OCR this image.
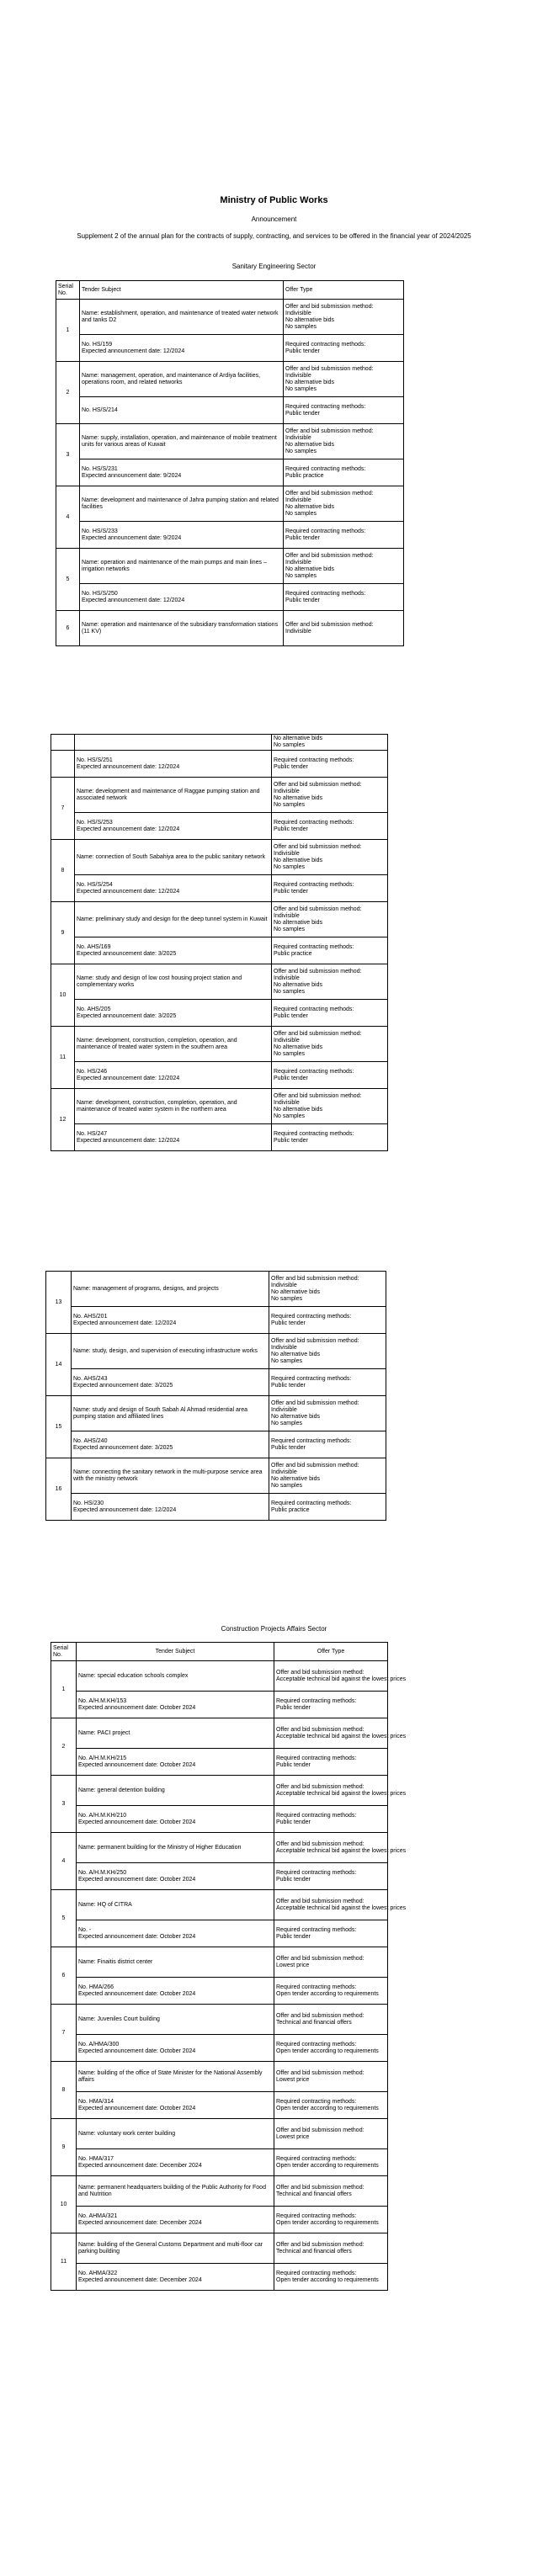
Ministry of Public Works
Announcement
Supplement 2 of the annual plan for the contracts of supply, contracting, and services to be offered in the financial year of 2024/2025
Sanitary Engineering Sector
Serial No.	Tender Subject	Offer Type
1	Name: establishment, operation, and maintenance of treated water network and tanks D2	Offer and bid submission method:
Indivisible
No alternative bids
No samples

	No. HS/159
Expected announcement date: 12/2024	Required contracting methods:
Public tender

2	Name: management, operation, and maintenance of Ardiya facilities, operations room, and related networks	Offer and bid submission method:
Indivisible
No alternative bids
No samples

	No. HS/S/214	Required contracting methods:
Public tender

3	Name: supply, installation, operation, and maintenance of mobile treatment units for various areas of Kuwait	Offer and bid submission method:
Indivisible
No alternative bids
No samples

	No. HS/S/231
Expected announcement date: 9/2024	Required contracting methods:
Public practice

4	Name: development and maintenance of Jahra pumping station and related facilities	Offer and bid submission method:
Indivisible
No alternative bids
No samples

	No. HS/S/233
Expected announcement date: 9/2024	Required contracting methods:
Public tender

5	Name: operation and maintenance of the main pumps and main lines – irrigation networks	Offer and bid submission method:
Indivisible
No alternative bids
No samples

	No. HS/S/250
Expected announcement date: 12/2024	Required contracting methods:
Public tender

6	Name: operation and maintenance of the subsidiary transformation stations (11 KV)	Offer and bid submission method:
Indivisible

		No alternative bids
No samples

	No. HS/S/251
Expected announcement date: 12/2024	Required contracting methods:
Public tender

7	Name: development and maintenance of Raggae pumping station and associated network	Offer and bid submission method:
Indivisible
No alternative bids
No samples

	No. HS/S/253
Expected announcement date: 12/2024	Required contracting methods:
Public tender

8	Name: connection of South Sabahiya area to the public sanitary network	Offer and bid submission method:
Indivisible
No alternative bids
No samples

	No. HS/S/254
Expected announcement date: 12/2024	Required contracting methods:
Public tender

9	Name: preliminary study and design for the deep tunnel system in Kuwait	Offer and bid submission method:
Indivisible
No alternative bids
No samples

	No. AHS/169
Expected announcement date: 3/2025	Required contracting methods:
Public practice

10	Name: study and design of low cost housing project station and complementary works	Offer and bid submission method:
Indivisible
No alternative bids
No samples

	No. AHS/205
Expected announcement date: 3/2025	Required contracting methods:
Public tender

11	Name: development, construction, completion, operation, and maintenance of treated water system in the southern area	Offer and bid submission method:
Indivisible
No alternative bids
No samples

	No. HS/246
Expected announcement date: 12/2024	Required contracting methods:
Public tender

12	Name: development, construction, completion, operation, and maintenance of treated water system in the northern area	Offer and bid submission method:
Indivisible
No alternative bids
No samples

	No. HS/247
Expected announcement date: 12/2024	Required contracting methods:
Public tender
13	Name: management of programs, designs, and projects	Offer and bid submission method:
Indivisible
No alternative bids
No samples

	No. AHS/201
Expected announcement date: 12/2024	Required contracting methods:
Public tender

14	Name: study, design, and supervision of executing infrastructure works	Offer and bid submission method:
Indivisible
No alternative bids
No samples

	No. AHS/243
Expected announcement date: 3/2025	Required contracting methods:
Public tender

15	Name: study and design of South Sabah Al Ahmad residential area pumping station and affiliated lines	Offer and bid submission method:
Indivisible
No alternative bids
No samples

	No. AHS/240
Expected announcement date: 3/2025	Required contracting methods:
Public tender

16	Name: connecting the sanitary network in the multi-purpose service area with the ministry network	Offer and bid submission method:
Indivisible
No alternative bids
No samples

	No. HS/230
Expected announcement date: 12/2024	Required contracting methods:
Public practice
Construction Projects Affairs Sector
Serial No.	Tender Subject	Offer Type
1	Name: special education schools complex	Offer and bid submission method:
Acceptable technical bid against the lowest prices

	No. A/H.M.KH/153
Expected announcement date: October 2024	Required contracting methods:
Public tender

2	Name: PACI project	Offer and bid submission method:
Acceptable technical bid against the lowest prices

	No. A/H.M.KH/215
Expected announcement date: October 2024	Required contracting methods:
Public tender

3	Name: general detention building	Offer and bid submission method:
Acceptable technical bid against the lowest prices

	No. A/H.M.KH/210
Expected announcement date: October 2024	Required contracting methods:
Public tender

4	Name: permanent building for the Ministry of Higher Education	Offer and bid submission method:
Acceptable technical bid against the lowest prices

	No. A/H.M.KH/250
Expected announcement date: October 2024	Required contracting methods:
Public tender

5	Name: HQ of CITRA	Offer and bid submission method:
Acceptable technical bid against the lowest prices

	No. -
Expected announcement date: October 2024	Required contracting methods:
Public tender

6	Name: Finaitis district center	Offer and bid submission method:
Lowest price

	No. HMA/266
Expected announcement date: October 2024	Required contracting methods:
Open tender according to requirements

7	Name: Juveniles Court building	Offer and bid submission method:
Technical and financial offers

	No. A/HMA/300
Expected announcement date: October 2024	Required contracting methods:
Open tender according to requirements

8	Name: building of the office of State Minister for the National Assembly affairs	Offer and bid submission method:
Lowest price

	No. HMA/314
Expected announcement date: October 2024	Required contracting methods:
Open tender according to requirements

9	Name: voluntary work center building	Offer and bid submission method:
Lowest price

	No. HMA/317
Expected announcement date: December 2024	Required contracting methods:
Open tender according to requirements

10	Name: permanent headquarters building of the Public Authority for Food and Nutrition	Offer and bid submission method:
Technical and financial offers

	No. AHMA/321
Expected announcement date: December 2024	Required contracting methods:
Open tender according to requirements

11	Name: building of the General Customs Department and multi-floor car parking building	Offer and bid submission method:
Technical and financial offers

	No. AHMA/322
Expected announcement date: December 2024	Required contracting methods:
Open tender according to requirements
